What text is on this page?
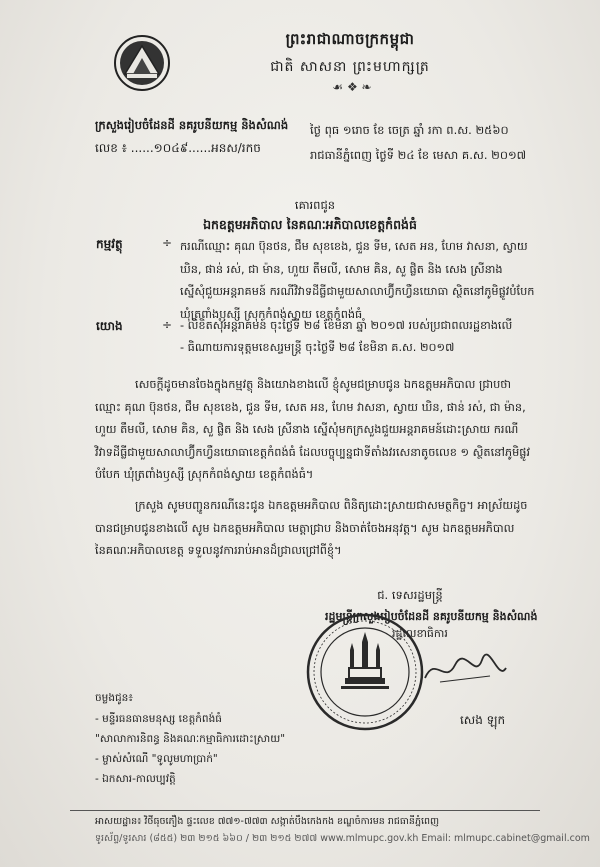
ព្រះរាជាណាចក្រកម្ពុជា
ជាតិ សាសនា ព្រះមហាក្សត្រ
☙ ❖ ❧
ក្រសួងរៀបចំដែនដី នគរូបនីយកម្ម និងសំណង់
លេខ ៖ ......១០៤៩......អនស/រកច
ថ្ងៃ ពុធ ១រោច ខែ ចេត្រ ឆ្នាំ រកា ព.ស. ២៥៦០
រាជធានីភ្នំពេញ ថ្ងៃទី ២៤ ខែ មេសា គ.ស. ២០១៧
គោរពជូន
ឯកឧត្តមអភិបាល នៃគណៈអភិបាលខេត្តកំពង់ធំ
កម្មវត្ថុ	÷ ករណីឈ្មោះ គុណ ប៊ុនថន, ជឹម សុខខេង, ជួន ទីម, សេត អន, ហែម វាសនា, ស្វាយ ឃិន, ផាន់ រស់, ជា ម៉ាន, ហួយ តឹមលី, សោម គិន, សួ ផ្លិត និង សេង ស្រីនាង ស្នើសុំជួយអន្តរាគមន៍ ករណីវិវាទដីធ្លីជាមួយសាលាហ្វ៊ីកហ្វឺនយោធា ស្ថិតនៅភូមិផ្លូវបំបែក ឃុំត្រពាំងឫស្សី ស្រុកកំពង់ស្វាយ ខេត្តកំពង់ធំ
យោង	÷ - លិខិតសុំអន្តរាគមន៍ ចុះថ្ងៃទី ២៨ ខែមិនា ឆ្នាំ ២០១៧ របស់ប្រជាពលរដ្ឋខាងលើ
- ធិណាយការទុត្តមខេសរ្ទមន្រ្តី ចុះថ្ងៃទី ២៨ ខែមិនា គ.ស. ២០១៧
សេចក្តីដូចមានចែងក្នុងកម្មវត្ថុ និងយោងខាងលើ ខ្ញុំសូមជម្រាបជូន ឯកឧត្តមអភិបាល ជ្រាបថា ឈ្មោះ គុណ ប៊ុនថន, ជឹម សុខខេង, ជួន ទីម, សេត អន, ហែម វាសនា, ស្វាយ ឃិន, ផាន់ រស់, ជា ម៉ាន, ហួយ តឹមលី, សោម គិន, សួ ផ្លិត និង សេង ស្រីនាង ស្នើសុំមកក្រសួងជួយអន្តរាគមន៍ដោះស្រាយ ករណីវិវាទដីធ្លីជាមួយសាលាហ្វ៊ីកហ្វឺនយោធាខេត្តកំពង់ធំ ដែលបច្ចុប្បន្នជាទីតាំងវរសេនាតូចលេខ ១ ស្ថិតនៅភូមិផ្លូវបំបែក ឃុំត្រពាំងឫស្សី ស្រុកកំពង់ស្វាយ ខេត្តកំពង់ធំ។
ក្រសួង សូមបញ្ជូនករណីនេះជូន ឯកឧត្តមអភិបាល ពិនិត្យដោះស្រាយជាសមត្ថកិច្ច។ អាស្រ័យដូចបានជម្រាបជូនខាងលើ សូម ឯកឧត្តមអភិបាល មេត្តាជ្រាប និងចាត់ចែងអនុវត្ត។ សូម ឯកឧត្តមអភិបាល នៃគណៈអភិបាលខេត្ត ទទួលនូវការរាប់អានដ៏ជ្រាលជ្រៅពីខ្ញុំ។
ជ. ទេសរដ្ឋមន្ត្រី
រដ្ឋមន្ត្រីក្រសួងរៀបចំដែនដី នគរូបនីយកម្ម និងសំណង់
រដ្ឋលេខាធិការ
សេង ឡុក
ចម្លងជូន៖
- មន្ទីរធនធានមនុស្ស ខេត្តកំពង់ធំ
"សាលាការនិពន្ធ និងគណៈកម្មាធិការដោះស្រាយ"
- ម្ចាស់សំណើ "ទូលូមហាប្រាក់"
- ឯកសារ-កាលប្បវត្តិ
អាសយដ្ឋាន៖ វិថីធុចភឿង ផ្ទះលេខ ៧៧១-៧៧៣ សង្កាត់បឹងកេងកង ខណ្ឌចំការមន រាជធានីភ្នំពេញ
ទូរស័ព្ទ/ទូរសារ (៨៥៥) ២៣ ២១៥ ៦៦០ / ២៣ ២១៥ ២៧៧ www.mlmupc.gov.kh Email: mlmupc.cabinet@gmail.com
